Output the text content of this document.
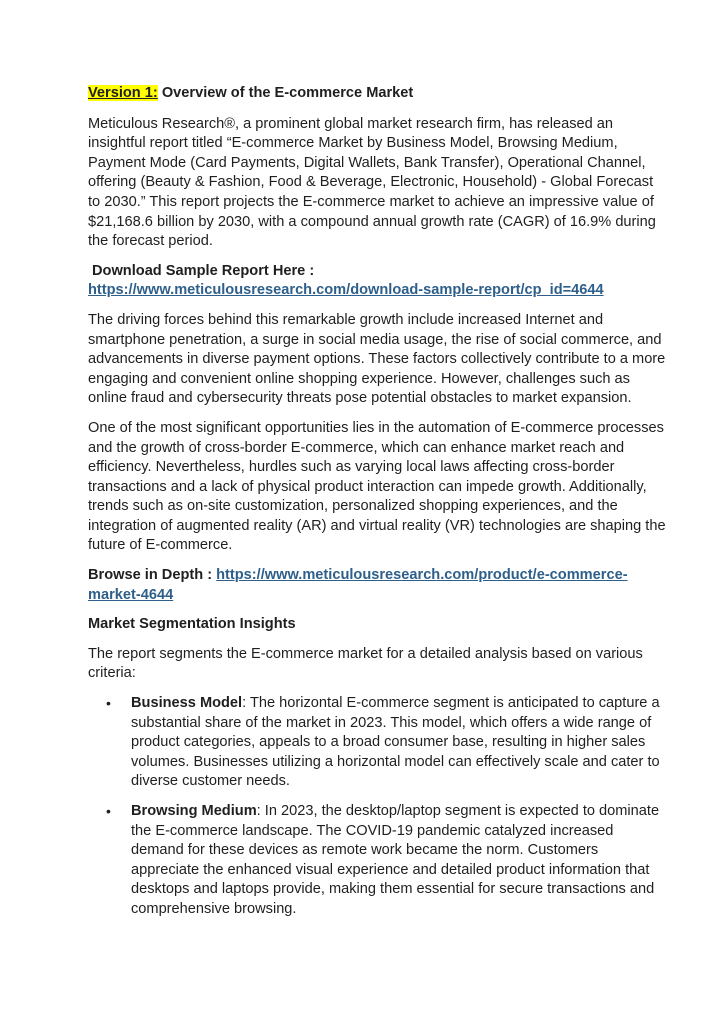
Version 1: Overview of the E-commerce Market

Meticulous Research®, a prominent global market research firm, has released an insightful report titled “E-commerce Market by Business Model, Browsing Medium, Payment Mode (Card Payments, Digital Wallets, Bank Transfer), Operational Channel, offering (Beauty & Fashion, Food & Beverage, Electronic, Household) - Global Forecast to 2030.” This report projects the E-commerce market to achieve an impressive value of $21,168.6 billion by 2030, with a compound annual growth rate (CAGR) of 16.9% during the forecast period.

Download Sample Report Here :
https://www.meticulousresearch.com/download-sample-report/cp_id=4644

The driving forces behind this remarkable growth include increased Internet and smartphone penetration, a surge in social media usage, the rise of social commerce, and advancements in diverse payment options. These factors collectively contribute to a more engaging and convenient online shopping experience. However, challenges such as online fraud and cybersecurity threats pose potential obstacles to market expansion.

One of the most significant opportunities lies in the automation of E-commerce processes and the growth of cross-border E-commerce, which can enhance market reach and efficiency. Nevertheless, hurdles such as varying local laws affecting cross-border transactions and a lack of physical product interaction can impede growth. Additionally, trends such as on-site customization, personalized shopping experiences, and the integration of augmented reality (AR) and virtual reality (VR) technologies are shaping the future of E-commerce.

Browse in Depth : https://www.meticulousresearch.com/product/e-commerce-market-4644

Market Segmentation Insights

The report segments the E-commerce market for a detailed analysis based on various criteria:

• Business Model: The horizontal E-commerce segment is anticipated to capture a substantial share of the market in 2023. This model, which offers a wide range of product categories, appeals to a broad consumer base, resulting in higher sales volumes. Businesses utilizing a horizontal model can effectively scale and cater to diverse customer needs.
• Browsing Medium: In 2023, the desktop/laptop segment is expected to dominate the E-commerce landscape. The COVID-19 pandemic catalyzed increased demand for these devices as remote work became the norm. Customers appreciate the enhanced visual experience and detailed product information that desktops and laptops provide, making them essential for secure transactions and comprehensive browsing.
